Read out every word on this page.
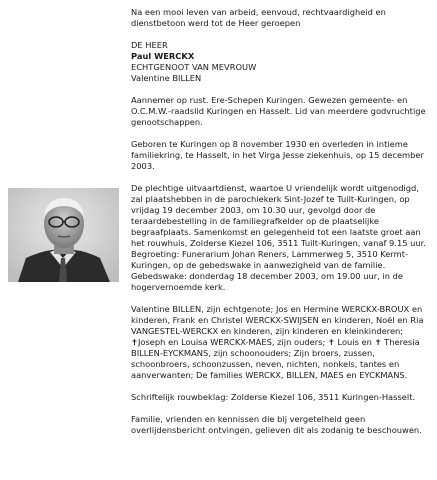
Na een mooi leven van arbeid, eenvoud, rechtvaardigheid en dienstbetoon werd tot de Heer geroepen

DE HEER

Paul WERCKX

ECHTGENOOT VAN MEVROUW

Valentine BILLEN

Aannemer op rust. Ere-Schepen Kuringen. Gewezen gemeente- en O.C.M.W.-raadslid Kuringen en Hasselt. Lid van meerdere godvruchtige genootschappen.

Geboren te Kuringen op 8 november 1930 en overleden in intieme familiekring, te Hasselt, in het Virga Jesse ziekenhuis, op 15 december 2003.

De plechtige uitvaartdienst, waartoe U vriendelijk wordt uitgenodigd, zal plaatshebben in de parochiekerk Sint-Jozef te Tuilt-Kuringen, op vrijdag 19 december 2003, om 10.30 uur, gevolgd door de teraardebestelling in de familiegrafkelder op de plaatselijke begraafplaats. Samenkomst en gelegenheid tot een laatste groet aan het rouwhuis, Zolderse Kiezel 106, 3511 Tuilt-Kuringen, vanaf 9.15 uur. Begroeting: Funerarium Johan Reners, Lammerweg 5, 3510 Kermt-Kuringen, op de gebedswake in aanwezigheid van de familie. Gebedswake: donderdag 18 december 2003, om 19.00 uur, in de hogervernoemde kerk.

Valentine BILLEN, zijn echtgenote; Jos en Hermine WERCKX-BROUX en kinderen, Frank en Christel WERCKX-SWIJSEN en kinderen, Noël en Ria VANGESTEL-WERCKX en kinderen, zijn kinderen en kleinkinderen; ✝Joseph en Louisa WERCKX-MAES, zijn ouders; ✝ Louis en ✝ Theresia BILLEN-EYCKMANS, zijn schoonouders; Zijn broers, zussen, schoonbroers, schoonzussen, neven, nichten, nonkels, tantes en aanverwanten; De families WERCKX, BILLEN, MAES en EYCKMANS.

Schriftelijk rouwbeklag: Zolderse Kiezel 106, 3511 Kuringen-Hasselt.

Familie, vrienden en kennissen die bij vergetelheid geen overlijdensbericht ontvingen, gelieven dit als zodanig te beschouwen.
